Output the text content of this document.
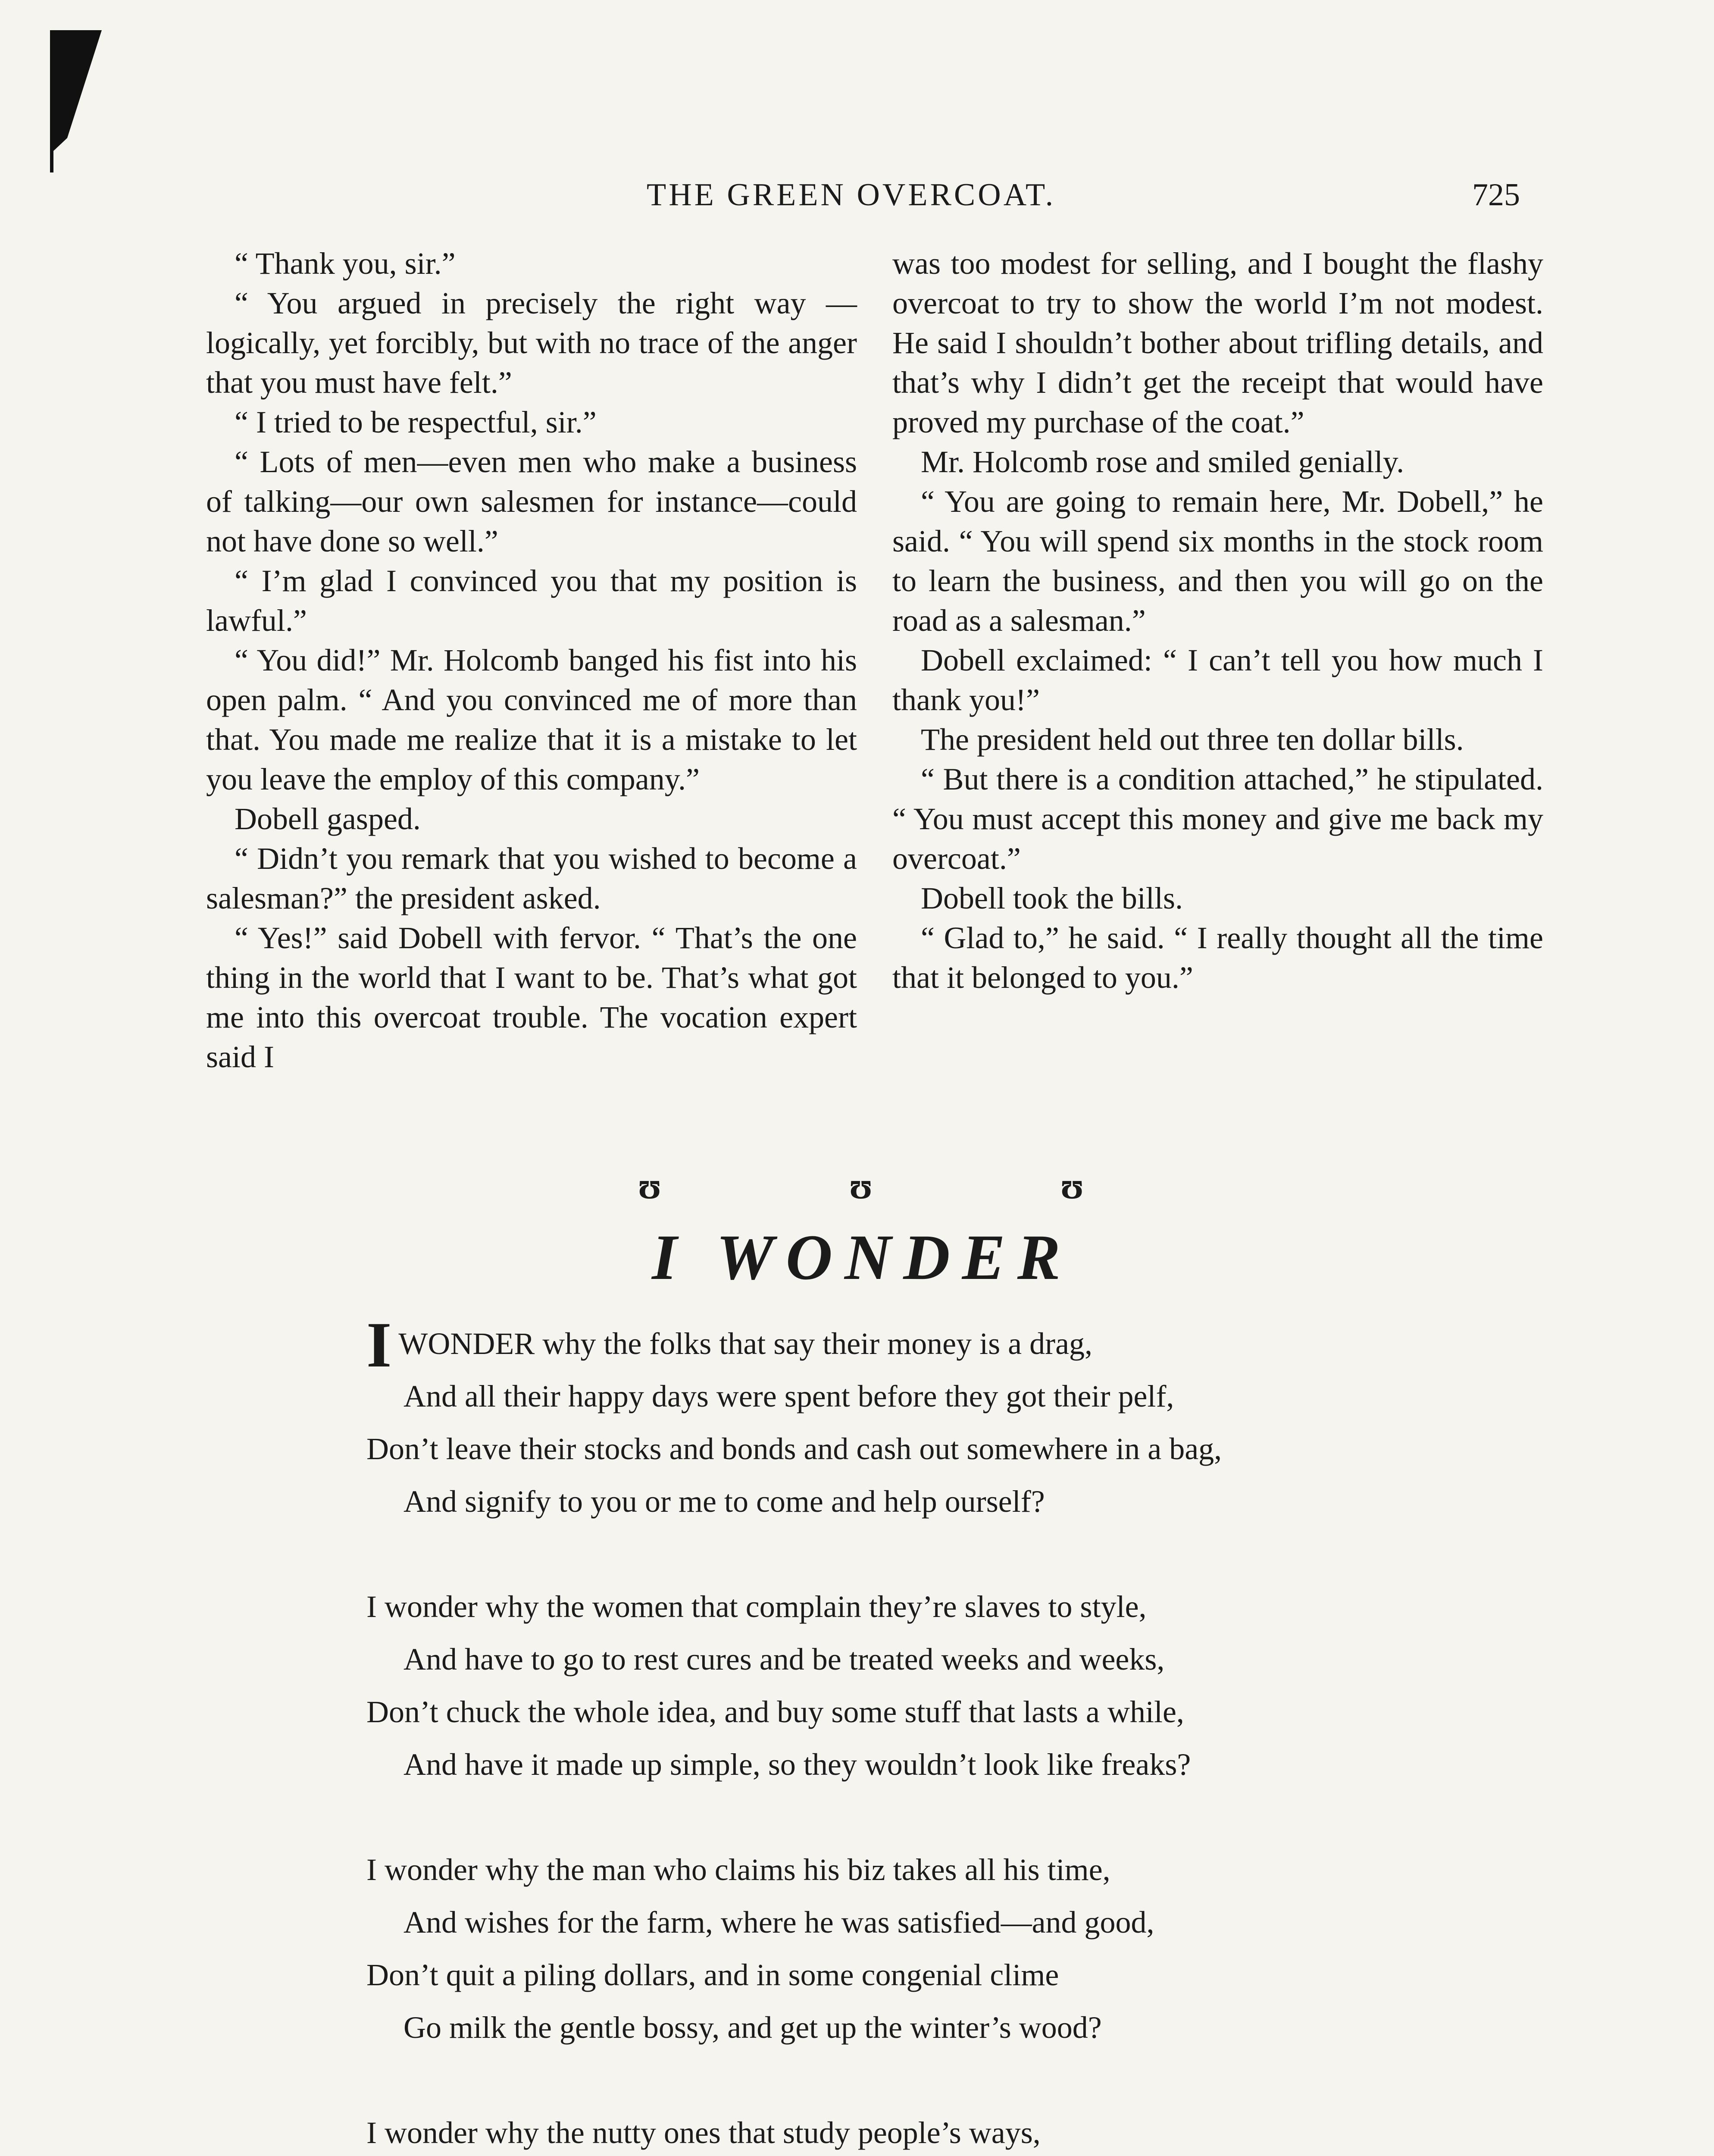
THE GREEN OVERCOAT.	725

“ Thank you, sir.”

“ You argued in precisely the right way —logically, yet forcibly, but with no trace of the anger that you must have felt.”

“ I tried to be respectful, sir.”

“ Lots of men—even men who make a business of talking—our own salesmen for instance—could not have done so well.”

“ I’m glad I convinced you that my position is lawful.”

“ You did!” Mr. Holcomb banged his fist into his open palm. “ And you convinced me of more than that. You made me realize that it is a mistake to let you leave the employ of this company.”

Dobell gasped.

“ Didn’t you remark that you wished to become a salesman?” the president asked.

“ Yes!” said Dobell with fervor. “ That’s the one thing in the world that I want to be. That’s what got me into this overcoat trouble. The vocation expert said I

was too modest for selling, and I bought the flashy overcoat to try to show the world I’m not modest. He said I shouldn’t bother about trifling details, and that’s why I didn’t get the receipt that would have proved my purchase of the coat.”

Mr. Holcomb rose and smiled genially.

“ You are going to remain here, Mr. Dobell,” he said. “ You will spend six months in the stock room to learn the business, and then you will go on the road as a salesman.”

Dobell exclaimed: “ I can’t tell you how much I thank you!”

The president held out three ten dollar bills.

“ But there is a condition attached,” he stipulated. “ You must accept this money and give me back my overcoat.”

Dobell took the bills.

“ Glad to,” he said. “ I really thought all the time that it belonged to you.”

ʊ	ʊ	ʊ
I WONDER
IWONDER why the folks that say their money is a drag,
And all their happy days were spent before they got their pelf,
Don’t leave their stocks and bonds and cash out somewhere in a bag,
And signify to you or me to come and help ourself?
I wonder why the women that complain they’re slaves to style,
And have to go to rest cures and be treated weeks and weeks,
Don’t chuck the whole idea, and buy some stuff that lasts a while,
And have it made up simple, so they wouldn’t look like freaks?
I wonder why the man who claims his biz takes all his time,
And wishes for the farm, where he was satisfied—and good,
Don’t quit a piling dollars, and in some congenial clime
Go milk the gentle bossy, and get up the winter’s wood?
I wonder why the nutty ones that study people’s ways,
